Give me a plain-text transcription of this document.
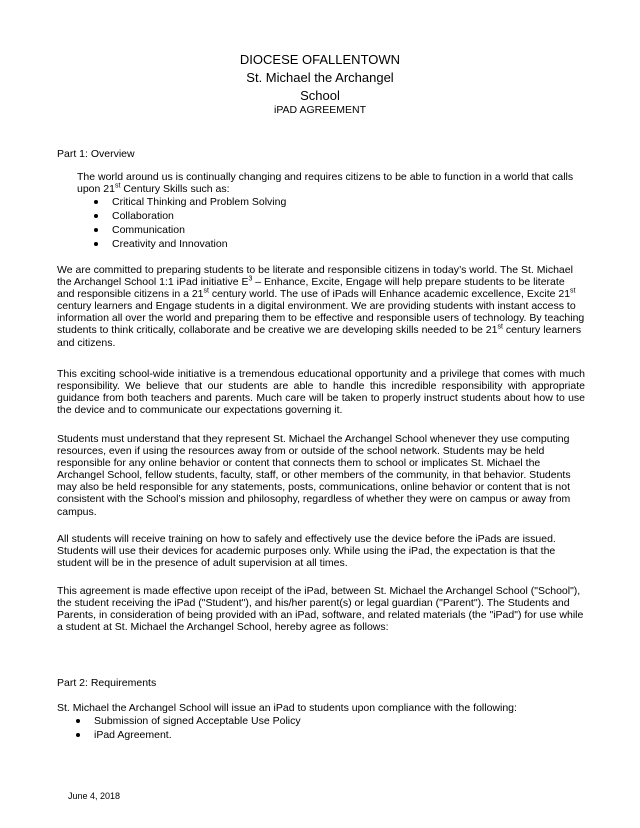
DIOCESE OFALLENTOWN
St. Michael the Archangel
School
iPAD AGREEMENT
Part 1: Overview

The world around us is continually changing and requires citizens to be able to function in a world that calls upon 21st Century Skills such as:

Critical Thinking and Problem Solving
Collaboration
Communication
Creativity and Innovation

We are committed to preparing students to be literate and responsible citizens in today’s world. The St. Michael the Archangel School 1:1 iPad initiative $E^3$ – Enhance, Excite, Engage will help prepare students to be literate and responsible citizens in a 21st century world. The use of iPads will Enhance academic excellence, Excite 21st century learners and Engage students in a digital environment. We are providing students with instant access to information all over the world and preparing them to be effective and responsible users of technology. By teaching students to think critically, collaborate and be creative we are developing skills needed to be 21st century learners and citizens.

This exciting school-wide initiative is a tremendous educational opportunity and a privilege that comes with much responsibility. We believe that our students are able to handle this incredible responsibility with appropriate guidance from both teachers and parents. Much care will be taken to properly instruct students about how to use the device and to communicate our expectations governing it.

Students must understand that they represent St. Michael the Archangel School whenever they use computing resources, even if using the resources away from or outside of the school network. Students may be held responsible for any online behavior or content that connects them to school or implicates St. Michael the Archangel School, fellow students, faculty, staff, or other members of the community, in that behavior. Students may also be held responsible for any statements, posts, communications, online behavior or content that is not consistent with the School’s mission and philosophy, regardless of whether they were on campus or away from campus.

All students will receive training on how to safely and effectively use the device before the iPads are issued. Students will use their devices for academic purposes only. While using the iPad, the expectation is that the student will be in the presence of adult supervision at all times.

This agreement is made effective upon receipt of the iPad, between St. Michael the Archangel School ("School"), the student receiving the iPad ("Student"), and his/her parent(s) or legal guardian ("Parent"). The Students and Parents, in consideration of being provided with an iPad, software, and related materials (the "iPad") for use while a student at St. Michael the Archangel School, hereby agree as follows:

Part 2: Requirements

St. Michael the Archangel School will issue an iPad to students upon compliance with the following:

Submission of signed Acceptable Use Policy
iPad Agreement.
June 4, 2018
